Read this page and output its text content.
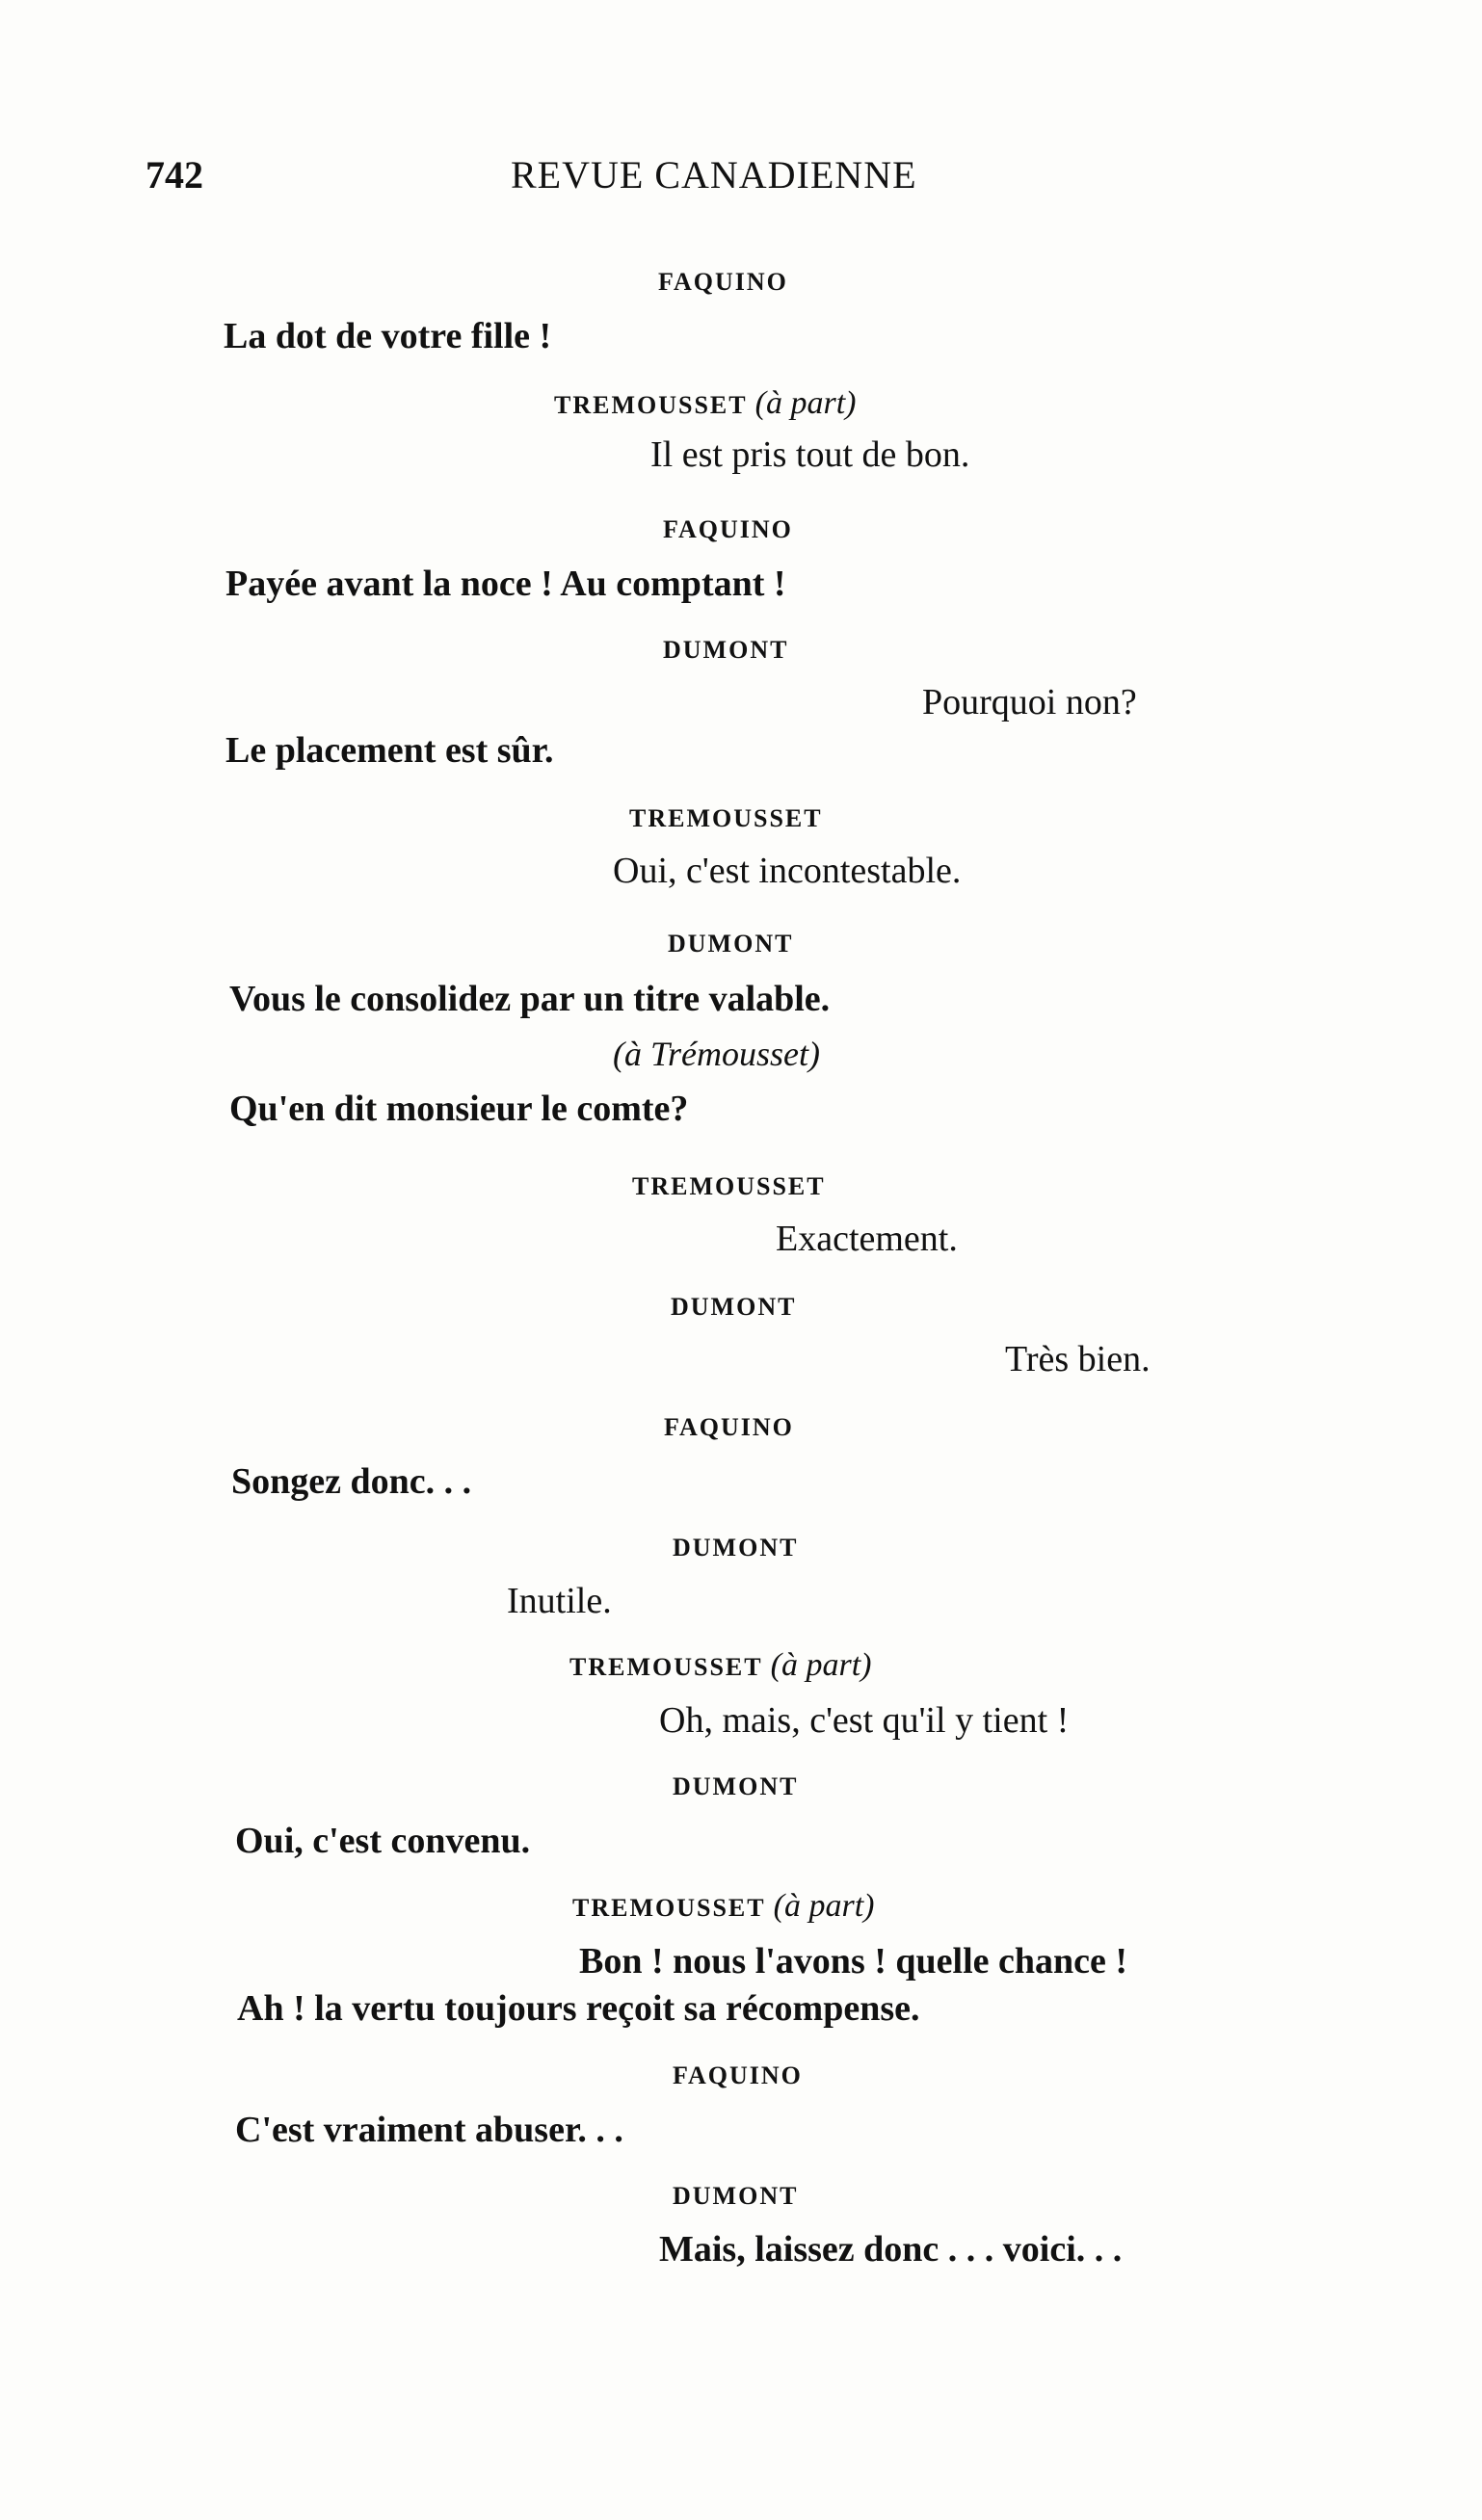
742	REVUE CANADIENNE
FAQUINO
La dot de votre fille !
TREMOUSSET (à part)
Il est pris tout de bon.
FAQUINO
Payée avant la noce ! Au comptant !
DUMONT
Pourquoi non?
Le placement est sûr.
TREMOUSSET
Oui, c'est incontestable.
DUMONT
Vous le consolidez par un titre valable.
(à Trémousset)
Qu'en dit monsieur le comte?
TREMOUSSET
Exactement.
DUMONT
Très bien.
FAQUINO
Songez donc. . .
DUMONT
Inutile.
TREMOUSSET (à part)
Oh, mais, c'est qu'il y tient !
DUMONT
Oui, c'est convenu.
TREMOUSSET (à part)
Bon ! nous l'avons ! quelle chance !
Ah ! la vertu toujours reçoit sa récompense.
FAQUINO
C'est vraiment abuser. . .
DUMONT
Mais, laissez donc . . . voici. . .
